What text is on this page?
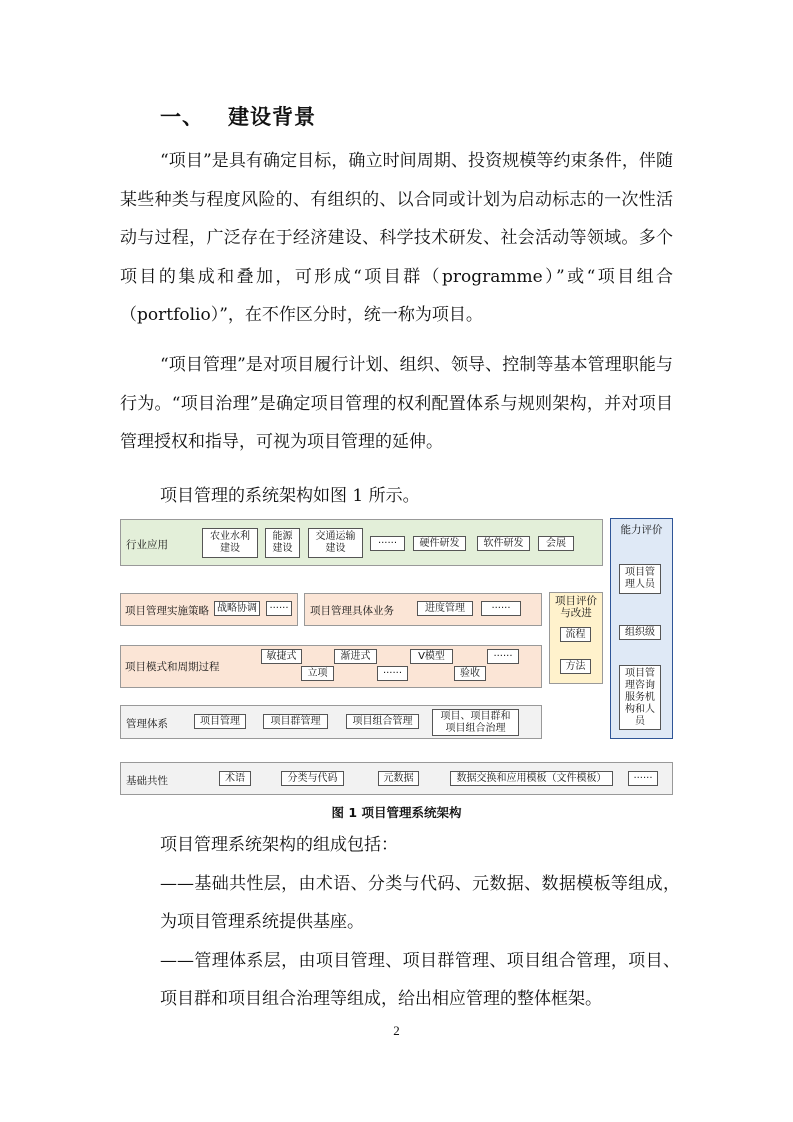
一、 建设背景

“项目”是具有确定目标，确立时间周期、投资规模等约束条件，伴随某些种类与程度风险的、有组织的、以合同或计划为启动标志的一次性活动与过程，广泛存在于经济建设、科学技术研发、社会活动等领域。多个项目的集成和叠加，可形成“项目群（programme）”或“项目组合（portfolio）”，在不作区分时，统一称为项目。

“项目管理”是对项目履行计划、组织、领导、控制等基本管理职能与行为。“项目治理”是确定项目管理的权利配置体系与规则架构，并对项目管理授权和指导，可视为项目管理的延伸。

项目管理的系统架构如图 1 所示。

行业应用
农业水利
建设
能源
建设
交通运输
建设	······	硬件研发	软件研发	会展
项目管理实施策略 战略协调	······	项目管理具体业务	进度管理	······
项目模式和周期过程
敏捷式
立项
渐进式
······
V模型
验收
······
项目评价
与改进
流程
方法
管理体系	项目管理	项目群管理	项目组合管理	项目、项目群和
项目组合治理
基础共性	术语	分类与代码	元数据	数据交换和应用模板（文件模板）	······
能力评价
项目管
理人员
组织级
项目管
理咨询
服务机
构和人
员
图 1 项目管理系统架构

项目管理系统架构的组成包括：

——基础共性层，由术语、分类与代码、元数据、数据模板等组成，为项目管理系统提供基座。

——管理体系层，由项目管理、项目群管理、项目组合管理，项目、项目群和项目组合治理等组成，给出相应管理的整体框架。

2
